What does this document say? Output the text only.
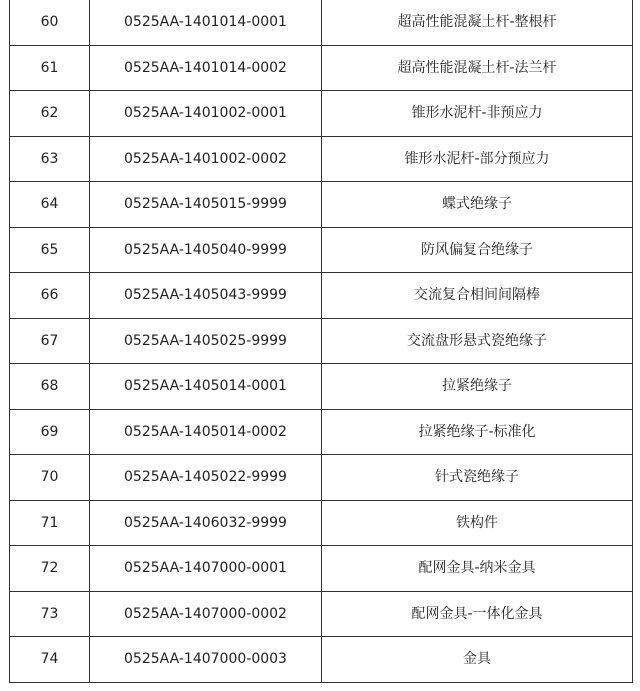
60	0525AA-1401014-0001	超高性能混凝土杆-整根杆
61	0525AA-1401014-0002	超高性能混凝土杆-法兰杆
62	0525AA-1401002-0001	锥形水泥杆-非预应力
63	0525AA-1401002-0002	锥形水泥杆-部分预应力
64	0525AA-1405015-9999	蝶式绝缘子
65	0525AA-1405040-9999	防风偏复合绝缘子
66	0525AA-1405043-9999	交流复合相间间隔棒
67	0525AA-1405025-9999	交流盘形悬式瓷绝缘子
68	0525AA-1405014-0001	拉紧绝缘子
69	0525AA-1405014-0002	拉紧绝缘子-标准化
70	0525AA-1405022-9999	针式瓷绝缘子
71	0525AA-1406032-9999	铁构件
72	0525AA-1407000-0001	配网金具-纳米金具
73	0525AA-1407000-0002	配网金具-一体化金具
74	0525AA-1407000-0003	金具
